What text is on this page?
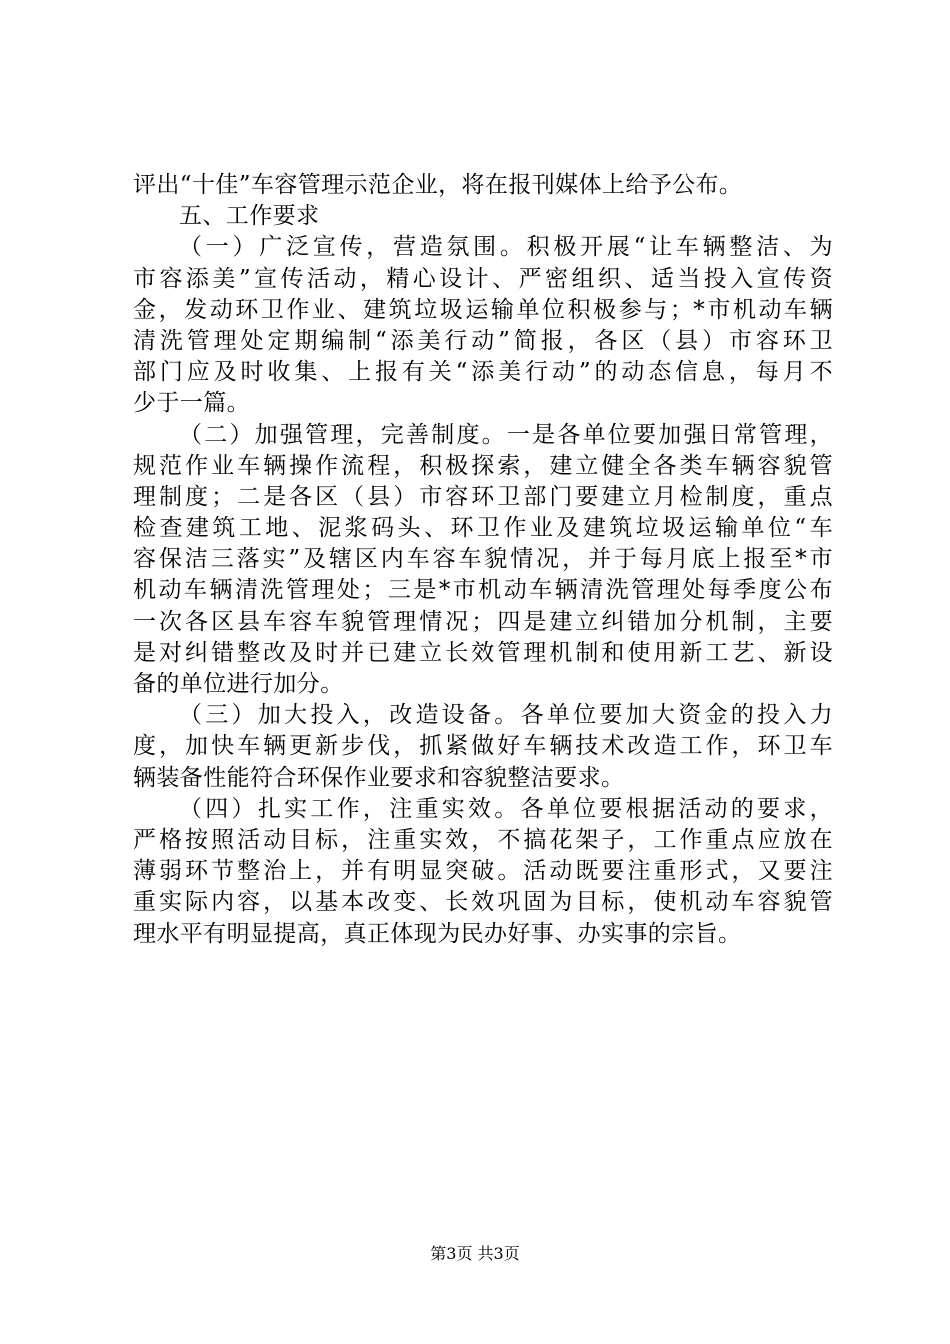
评出“十佳”车容管理示范企业，将在报刊媒体上给予公布。
五、工作要求
（一）广泛宣传，营造氛围。积极开展“让车辆整洁、为
市容添美”宣传活动，精心设计、严密组织、适当投入宣传资
金，发动环卫作业、建筑垃圾运输单位积极参与；*市机动车辆
清洗管理处定期编制“添美行动”简报，各区（县）市容环卫
部门应及时收集、上报有关“添美行动”的动态信息，每月不
少于一篇。
（二）加强管理，完善制度。一是各单位要加强日常管理，
规范作业车辆操作流程，积极探索，建立健全各类车辆容貌管
理制度；二是各区（县）市容环卫部门要建立月检制度，重点
检查建筑工地、泥浆码头、环卫作业及建筑垃圾运输单位“车
容保洁三落实”及辖区内车容车貌情况，并于每月底上报至*市
机动车辆清洗管理处；三是*市机动车辆清洗管理处每季度公布
一次各区县车容车貌管理情况；四是建立纠错加分机制，主要
是对纠错整改及时并已建立长效管理机制和使用新工艺、新设
备的单位进行加分。
（三）加大投入，改造设备。各单位要加大资金的投入力
度，加快车辆更新步伐，抓紧做好车辆技术改造工作，环卫车
辆装备性能符合环保作业要求和容貌整洁要求。
（四）扎实工作，注重实效。各单位要根据活动的要求，
严格按照活动目标，注重实效，不搞花架子，工作重点应放在
薄弱环节整治上，并有明显突破。活动既要注重形式，又要注
重实际内容，以基本改变、长效巩固为目标，使机动车容貌管
理水平有明显提高，真正体现为民办好事、办实事的宗旨。
第3页 共3页
